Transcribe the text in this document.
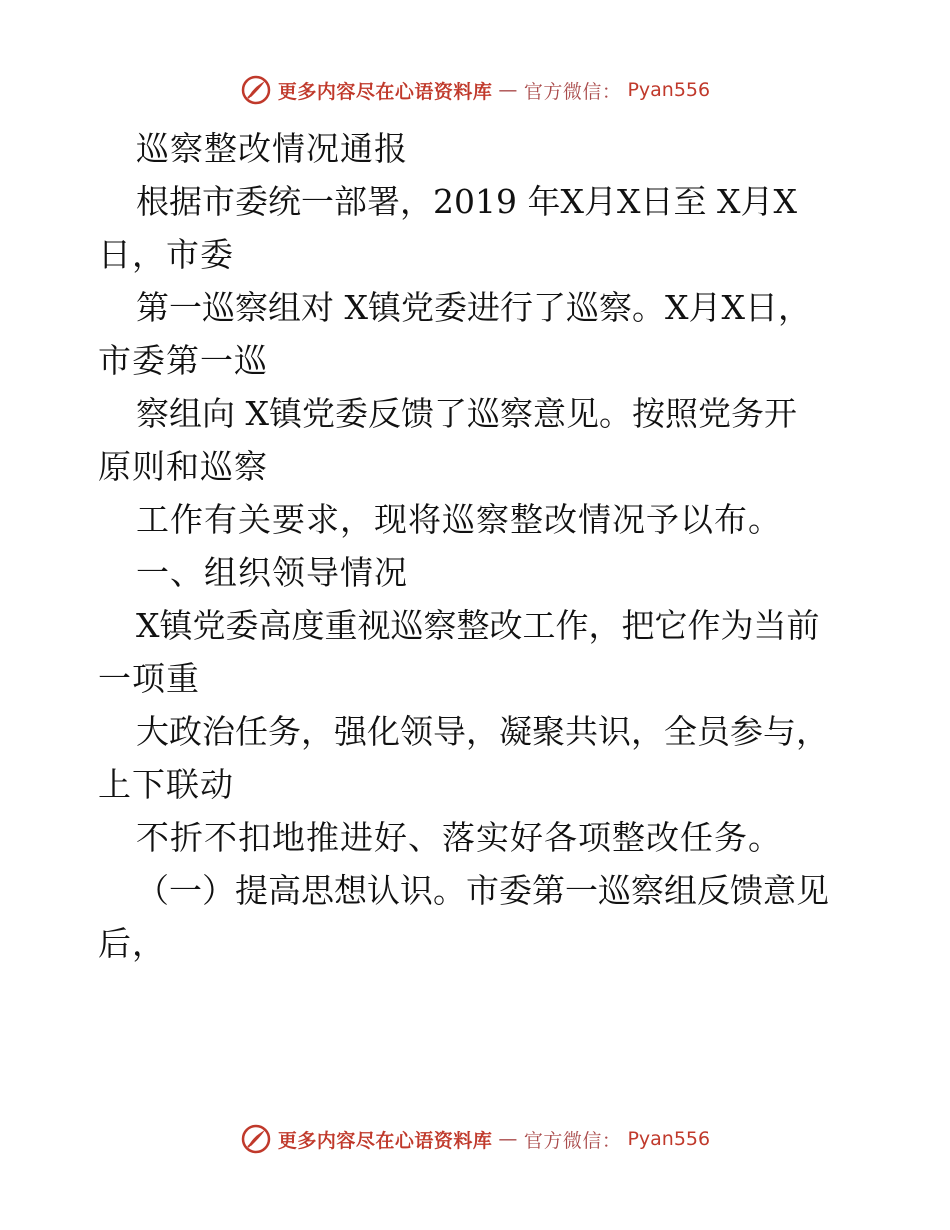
更多内容尽在心语资料库 — 官方微信： Pyan556
巡察整改情况通报
根据市委统一部署，2019 年X月X日至 X月X
日，市委
第一巡察组对 X镇党委进行了巡察。X月X日，
市委第一巡
察组向 X镇党委反馈了巡察意见。按照党务开
原则和巡察
工作有关要求，现将巡察整改情况予以布。
一、组织领导情况
X镇党委高度重视巡察整改工作，把它作为当前
一项重
大政治任务，强化领导，凝聚共识，全员参与，
上下联动
不折不扣地推进好、落实好各项整改任务。
（一）提高思想认识。市委第一巡察组反馈意见
后，
更多内容尽在心语资料库 — 官方微信： Pyan556
